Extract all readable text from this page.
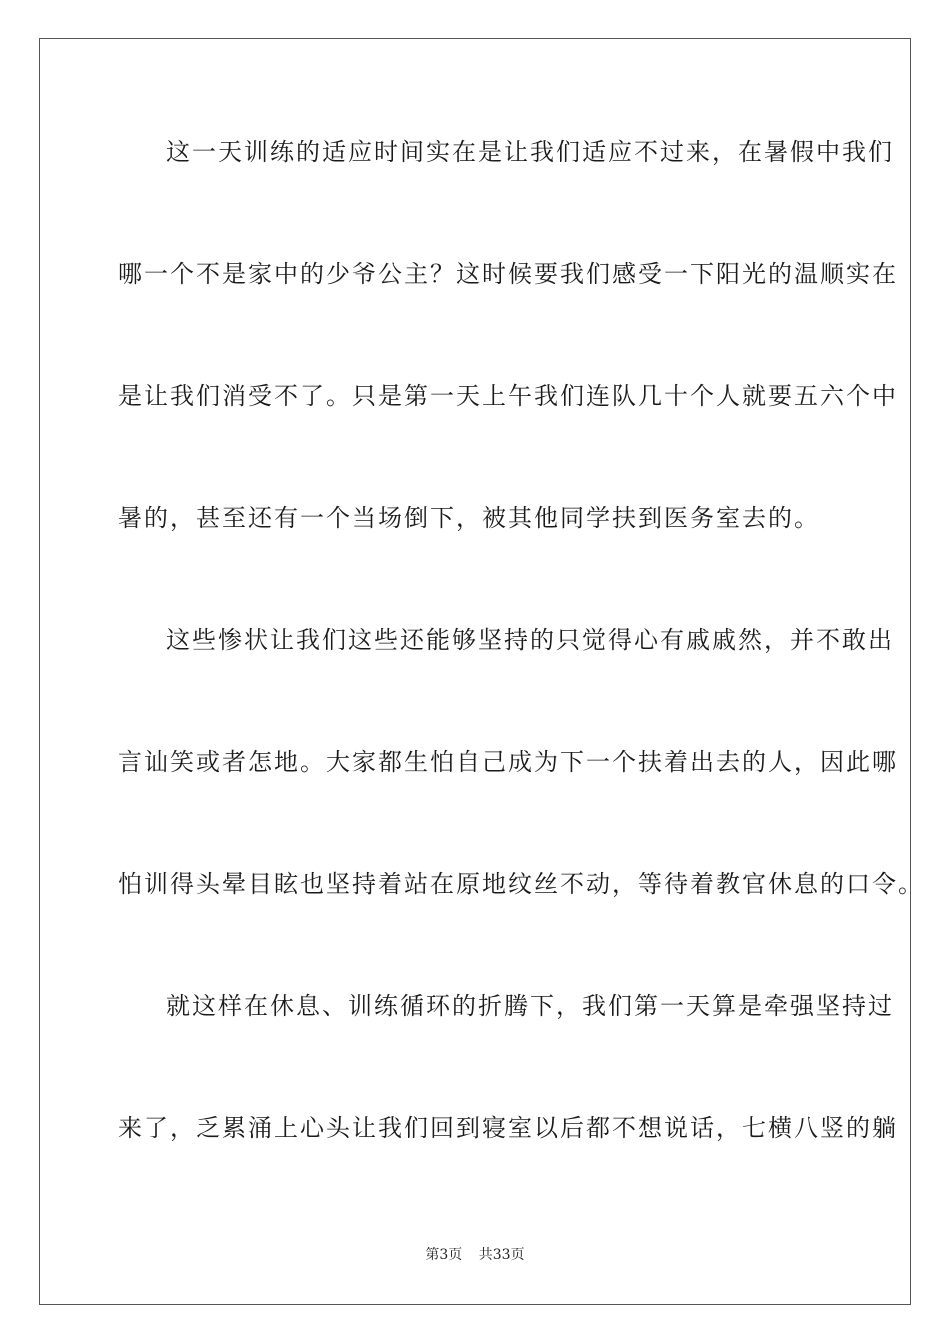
这一天训练的适应时间实在是让我们适应不过来，在暑假中我们
哪一个不是家中的少爷公主？这时候要我们感受一下阳光的温顺实在
是让我们消受不了。只是第一天上午我们连队几十个人就要五六个中
暑的，甚至还有一个当场倒下，被其他同学扶到医务室去的。
这些惨状让我们这些还能够坚持的只觉得心有戚戚然，并不敢出
言讪笑或者怎地。大家都生怕自己成为下一个扶着出去的人，因此哪
怕训得头晕目眩也坚持着站在原地纹丝不动，等待着教官休息的口令。
就这样在休息、训练循环的折腾下，我们第一天算是牵强坚持过
来了，乏累涌上心头让我们回到寝室以后都不想说话，七横八竖的躺
第3页 共33页
